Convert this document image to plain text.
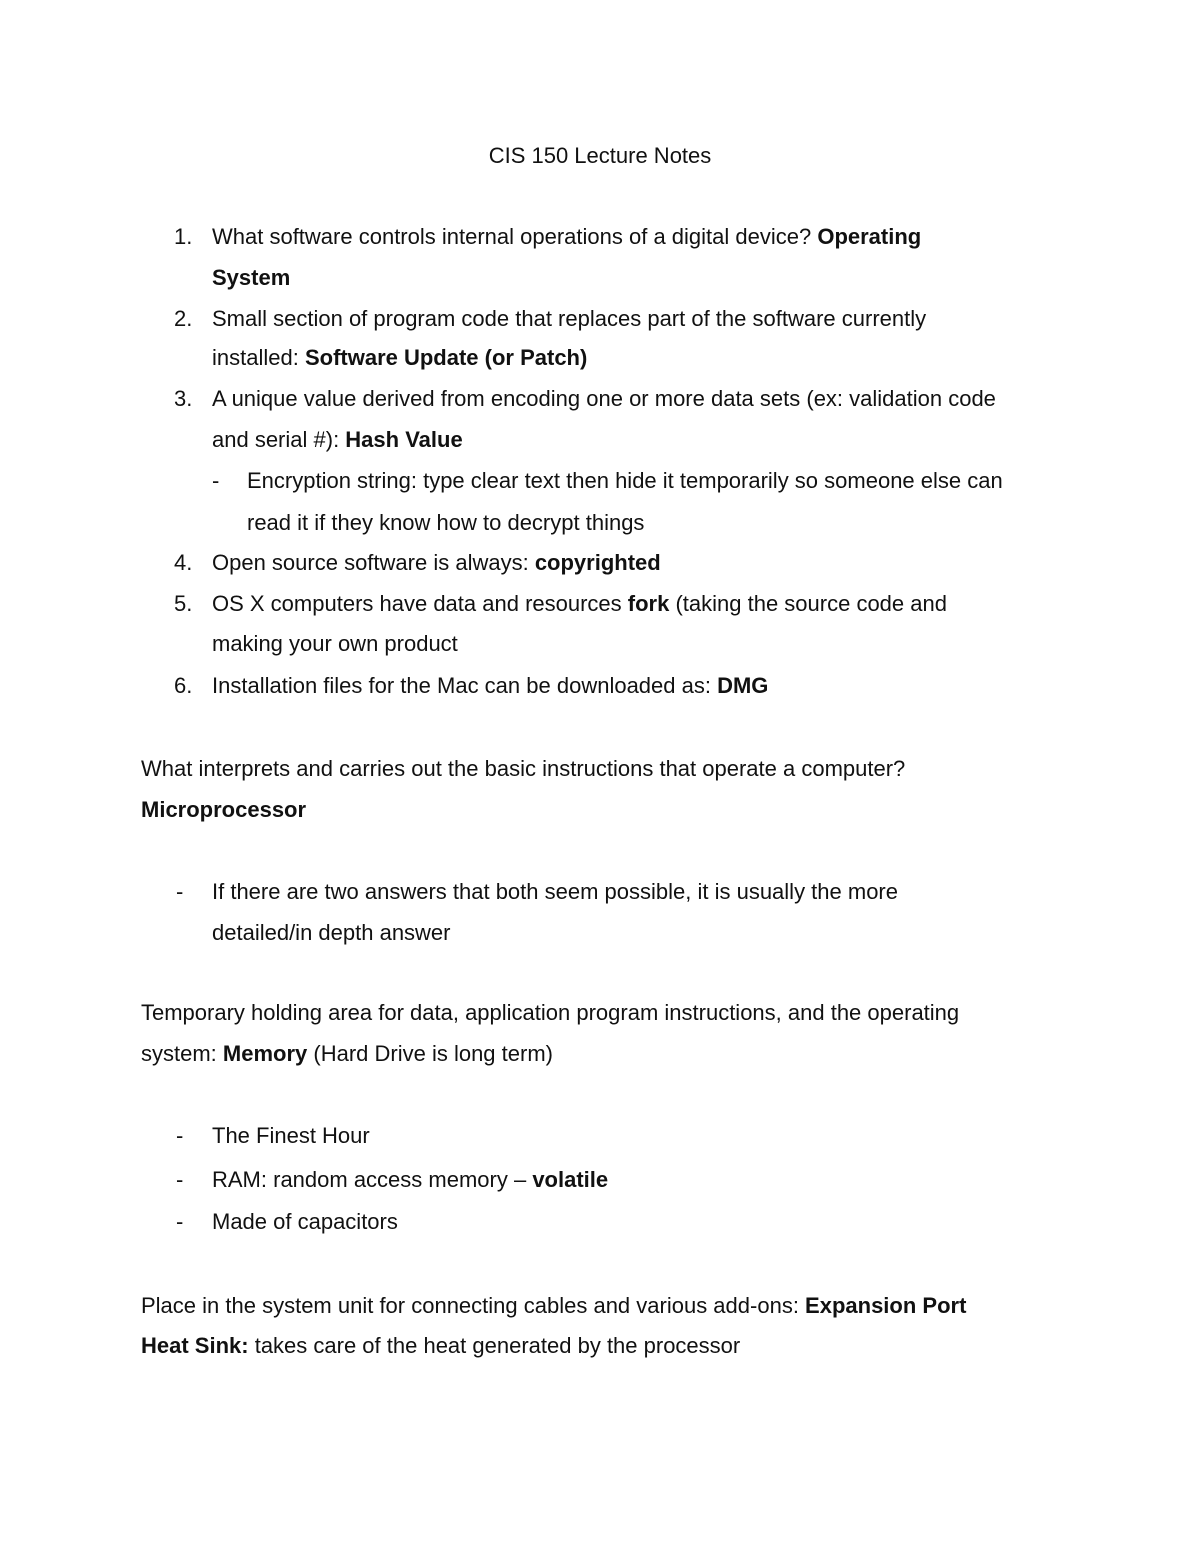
CIS 150 Lecture Notes
1. What software controls internal operations of a digital device? Operating
System
2. Small section of program code that replaces part of the software currently
installed: Software Update (or Patch)
3. A unique value derived from encoding one or more data sets (ex: validation code
and serial #): Hash Value
- Encryption string: type clear text then hide it temporarily so someone else can
read it if they know how to decrypt things
4. Open source software is always: copyrighted
5. OS X computers have data and resources fork (taking the source code and
making your own product
6. Installation files for the Mac can be downloaded as: DMG
What interprets and carries out the basic instructions that operate a computer?
Microprocessor
- If there are two answers that both seem possible, it is usually the more
detailed/in depth answer
Temporary holding area for data, application program instructions, and the operating
system: Memory (Hard Drive is long term)
- The Finest Hour
- RAM: random access memory – volatile
- Made of capacitors
Place in the system unit for connecting cables and various add-ons: Expansion Port
Heat Sink: takes care of the heat generated by the processor
